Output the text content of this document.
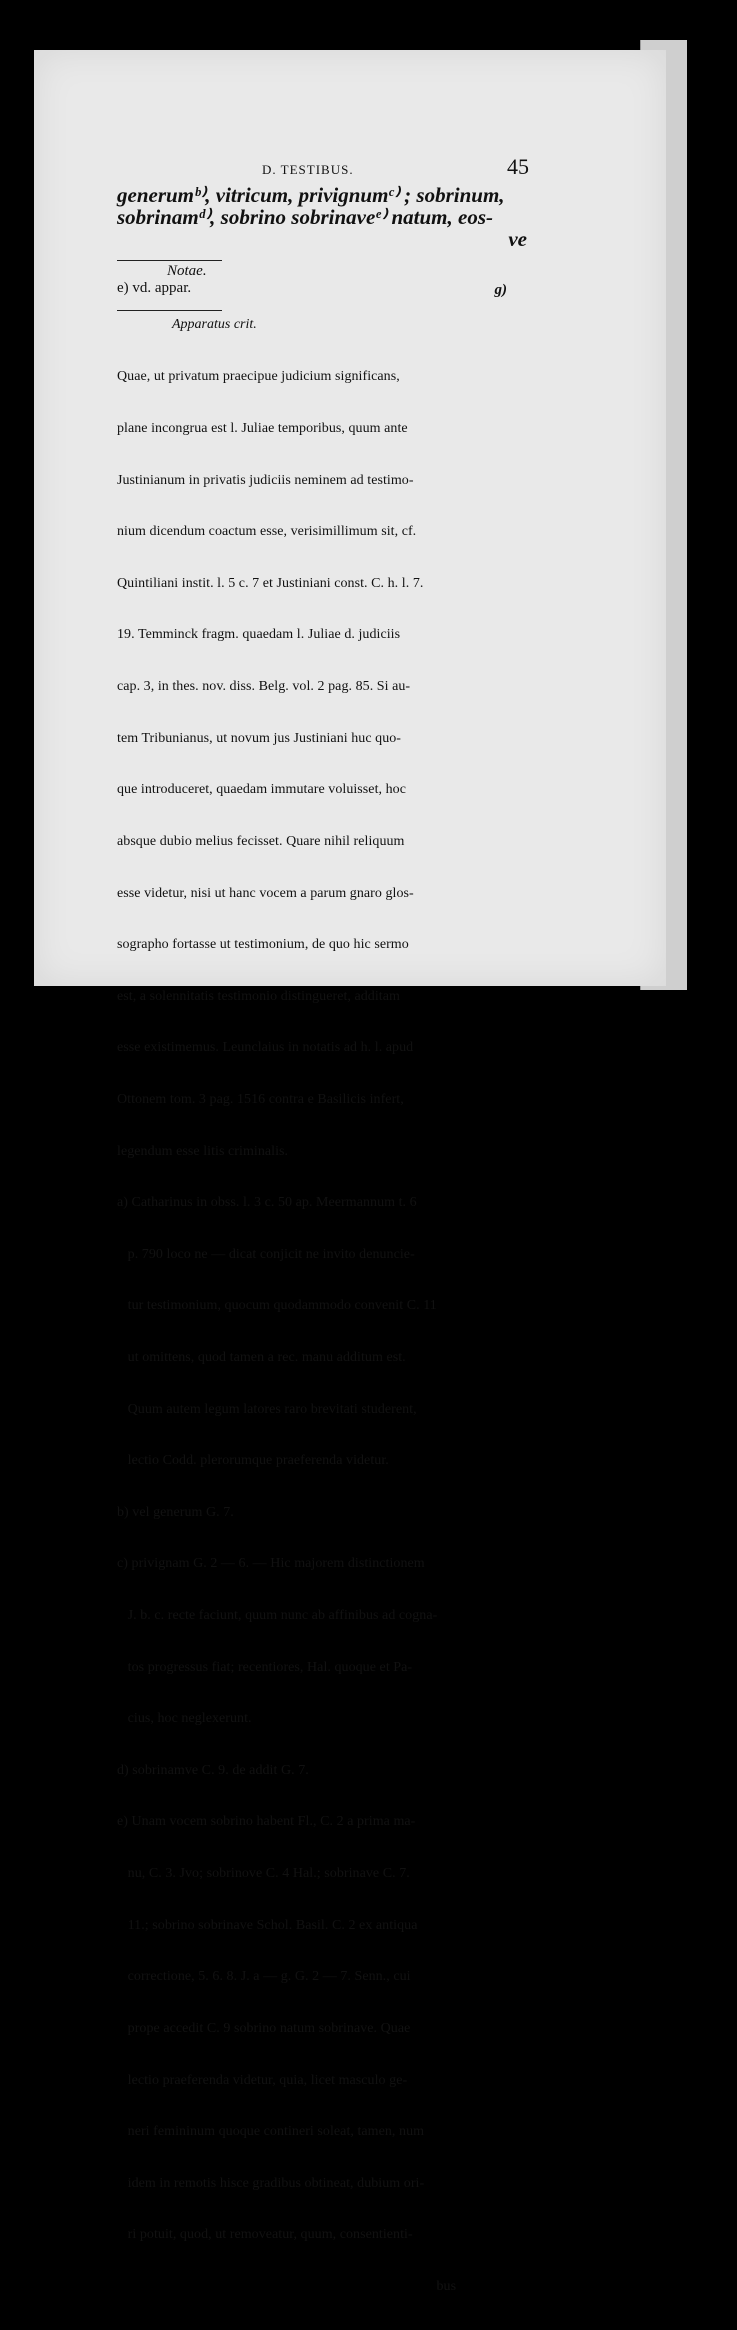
D. TESTIBUS.	45

generumᵇ⁾, vitricum, privignumᶜ⁾ ; sobrinum,

sobrinamᵈ⁾, sobrino sobrinaveᵉ⁾ natum, eos-

ve

Notae.
e) vd. appar.	g)
Apparatus crit.

Quae, ut privatum praecipue judicium significans,

plane incongrua est l. Juliae temporibus, quum ante

Justinianum in privatis judiciis neminem ad testimo-

nium dicendum coactum esse, verisimillimum sit, cf.

Quintiliani instit. l. 5 c. 7 et Justiniani const. C. h. l. 7.

19. Temminck fragm. quaedam l. Juliae d. judiciis

cap. 3, in thes. nov. diss. Belg. vol. 2 pag. 85. Si au-

tem Tribunianus, ut novum jus Justiniani huc quo-

que introduceret, quaedam immutare voluisset, hoc

absque dubio melius fecisset. Quare nihil reliquum

esse videtur, nisi ut hanc vocem a parum gnaro glos-

sographo fortasse ut testimonium, de quo hic sermo

est, a solennitatis testimonio distingueret, additam

esse existimemus. Leunclaius in notatis ad h. l. apud

Ottonem tom. 3 pag. 1516 contra e Basilicis infert,

legendum esse litis criminalis.

a) Catharinus in obss. l. 3 c. 50 ap. Meermannum t. 6

p. 790 loco ne — dicat conjicit ne invito denuncie-

tur testimonium, quocum quodammodo convenit C. 11

ut omittens, quod tamen a rec. manu additum est.

Quum autem legum latores raro brevitati studerent,

lectio Codd. plerorumque praeferenda videtur.

b) vel generum G. 7.

c) privignam G. 2 — 6. — Hic majorem distinctionem

J. b. c. recte faciunt, quum nunc ab affinibus ad cogna-

tos progressus fiat; recentiores, Hal. quoque et Pa-

cius, hoc neglexerunt.

d) sobrinamve C. 9. de addit G. 7.

e) Unam vocem sobrino habent Fl., C. 2 a prima ma-

nu, C. 3. Jvo; sobrinove C. 4 Hal.; sobrinave C. 7.

11.; sobrino sobrinave Schol. Basil. C. 2 ex antiqua

correctione, 5. 6. 8. J. a — g. G. 2 — 7. Senn., cui

prope accedit C. 9 sobrino natum sobrinave. Quae

lectio praeferenda videtur, quia, licet masculo ge-

neri femininum quoque contineri soleat, tamen, num

idem in remotis hisce gradibus obtineat, dubium ori-

ri potuit, quod, ut removeatur, quum, consentienti-

bus
